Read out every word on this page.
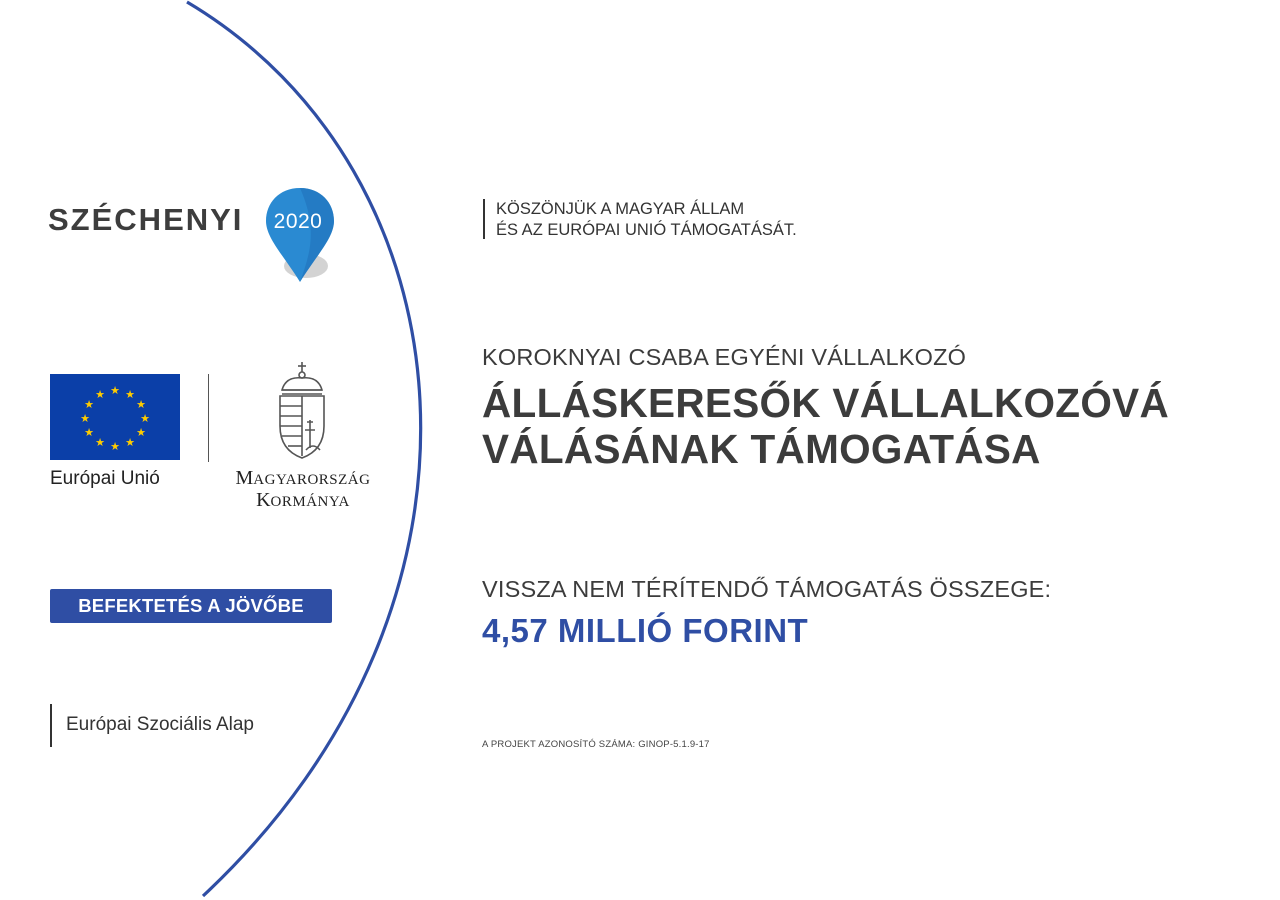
SZÉCHENYI	2020
★ ★
★
★
★
★
★
★
★
★
★
★
Európai Unió	MAGYARORSZÁG
KORMÁNYA
BEFEKTETÉS A JÖVŐBE
Európai Szociális Alap
KÖSZÖNJÜK A MAGYAR ÁLLAM
ÉS AZ EURÓPAI UNIÓ TÁMOGATÁSÁT.
KOROKNYAI CSABA EGYÉNI VÁLLALKOZÓ
ÁLLÁSKERESŐK VÁLLALKOZÓVÁ
VÁLÁSÁNAK TÁMOGATÁSA
VISSZA NEM TÉRÍTENDŐ TÁMOGATÁS ÖSSZEGE:
4,57 MILLIÓ FORINT
A PROJEKT AZONOSÍTÓ SZÁMA: GINOP-5.1.9-17
